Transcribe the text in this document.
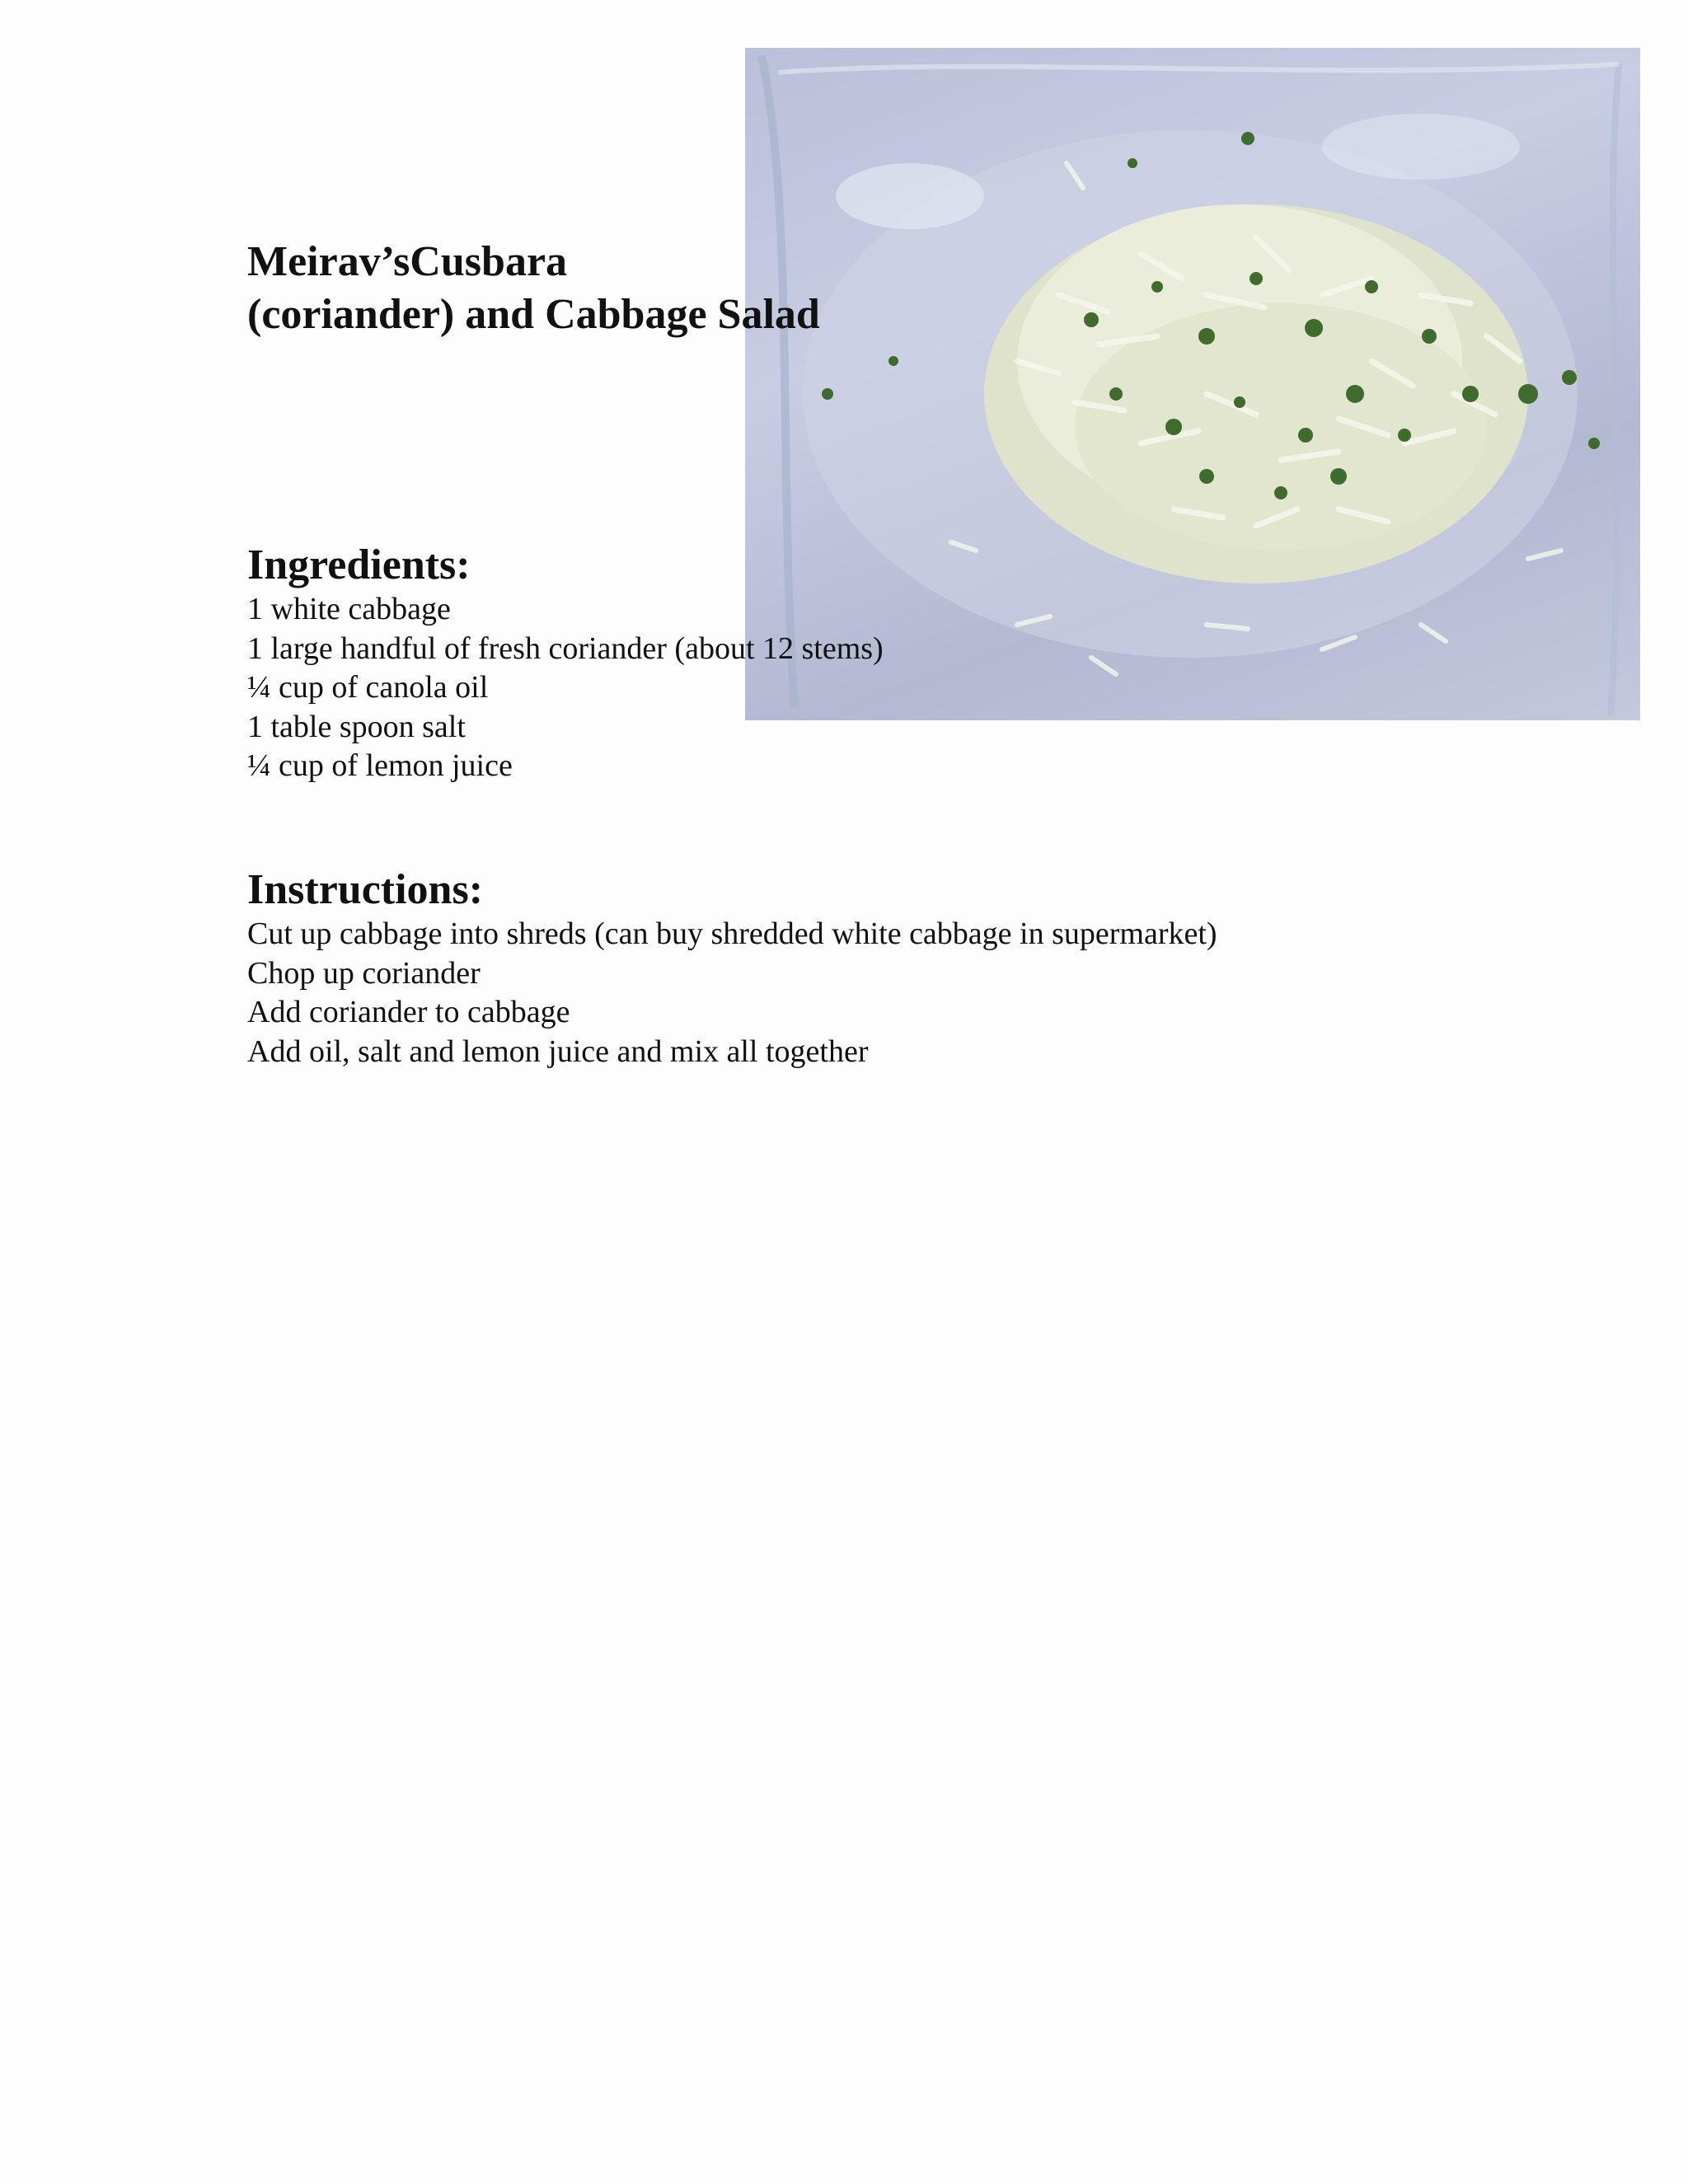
Meirav’sCusbara
(coriander) and Cabbage Salad
Ingredients:
1 white cabbage
1 large handful of fresh coriander (about 12 stems)
¼ cup of canola oil
1 table spoon salt
¼ cup of lemon juice
Instructions:
Cut up cabbage into shreds (can buy shredded white cabbage in supermarket)
Chop up coriander
Add coriander to cabbage
Add oil, salt and lemon juice and mix all together
